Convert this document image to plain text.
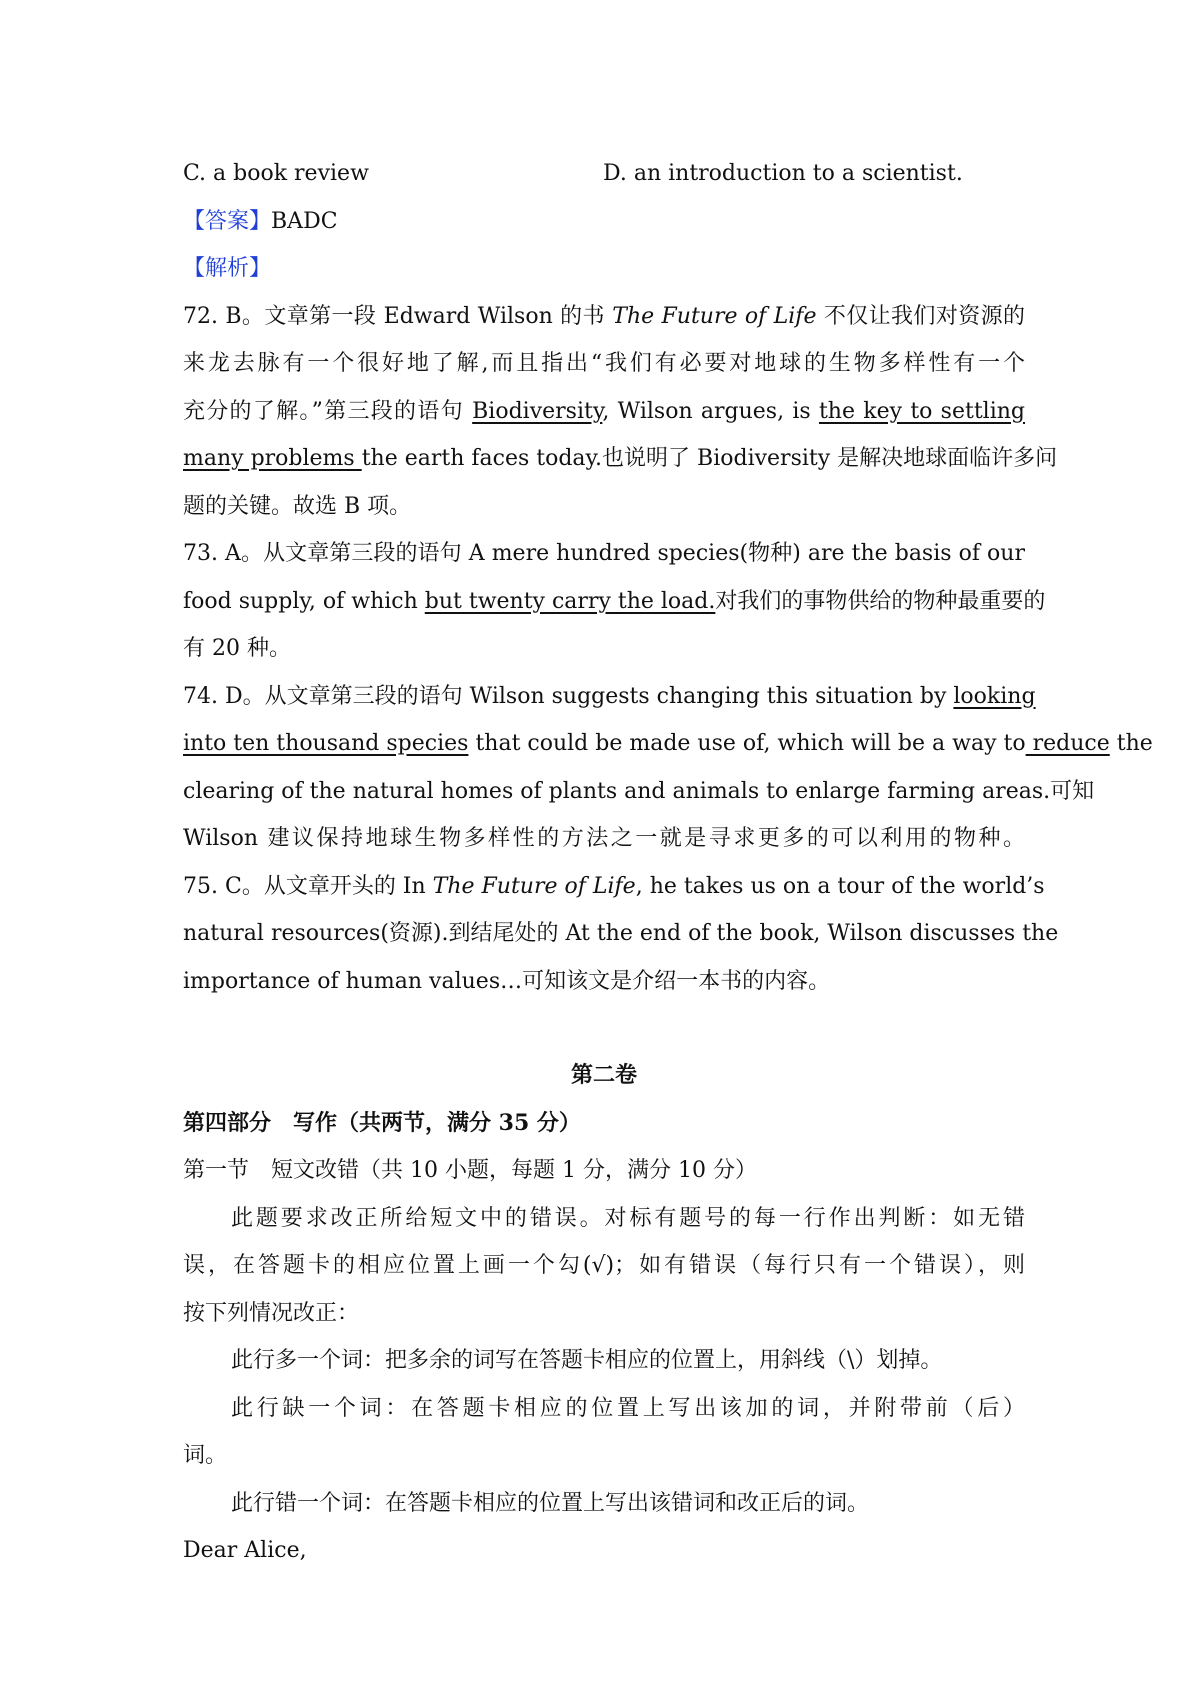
C. a book review	D. an introduction to a scientist.
【答案】BADC
【解析】
72. B。文章第一段 Edward Wilson 的书 The Future of Life 不仅让我们对资源的
来龙去脉有一个很好地了解,而且指出“我们有必要对地球的生物多样性有一个
充分的了解。”第三段的语句 Biodiversity, Wilson argues, is the key to settling
many problems the earth faces today.也说明了 Biodiversity 是解决地球面临许多问
题的关键。故选 B 项。
73. A。从文章第三段的语句 A mere hundred species(物种) are the basis of our
food supply, of which but twenty carry the load.对我们的事物供给的物种最重要的
有 20 种。
74. D。从文章第三段的语句 Wilson suggests changing this situation by looking
into ten thousand species that could be made use of, which will be a way to reduce the
clearing of the natural homes of plants and animals to enlarge farming areas.可知
Wilson 建议保持地球生物多样性的方法之一就是寻求更多的可以利用的物种。
75. C。从文章开头的 In The Future of Life, he takes us on a tour of the world’s
natural resources(资源).到结尾处的 At the end of the book, Wilson discusses the
importance of human values…可知该文是介绍一本书的内容。
第二卷
第四部分　写作（共两节，满分 35 分）
第一节　短文改错（共 10 小题，每题 1 分，满分 10 分）
此题要求改正所给短文中的错误。对标有题号的每一行作出判断：如无错
误，在答题卡的相应位置上画一个勾(√)；如有错误（每行只有一个错误），则
按下列情况改正：
此行多一个词：把多余的词写在答题卡相应的位置上，用斜线（\）划掉。
此行缺一个词：在答题卡相应的位置上写出该加的词，并附带前（后）
词。
此行错一个词：在答题卡相应的位置上写出该错词和改正后的词。
Dear Alice,
